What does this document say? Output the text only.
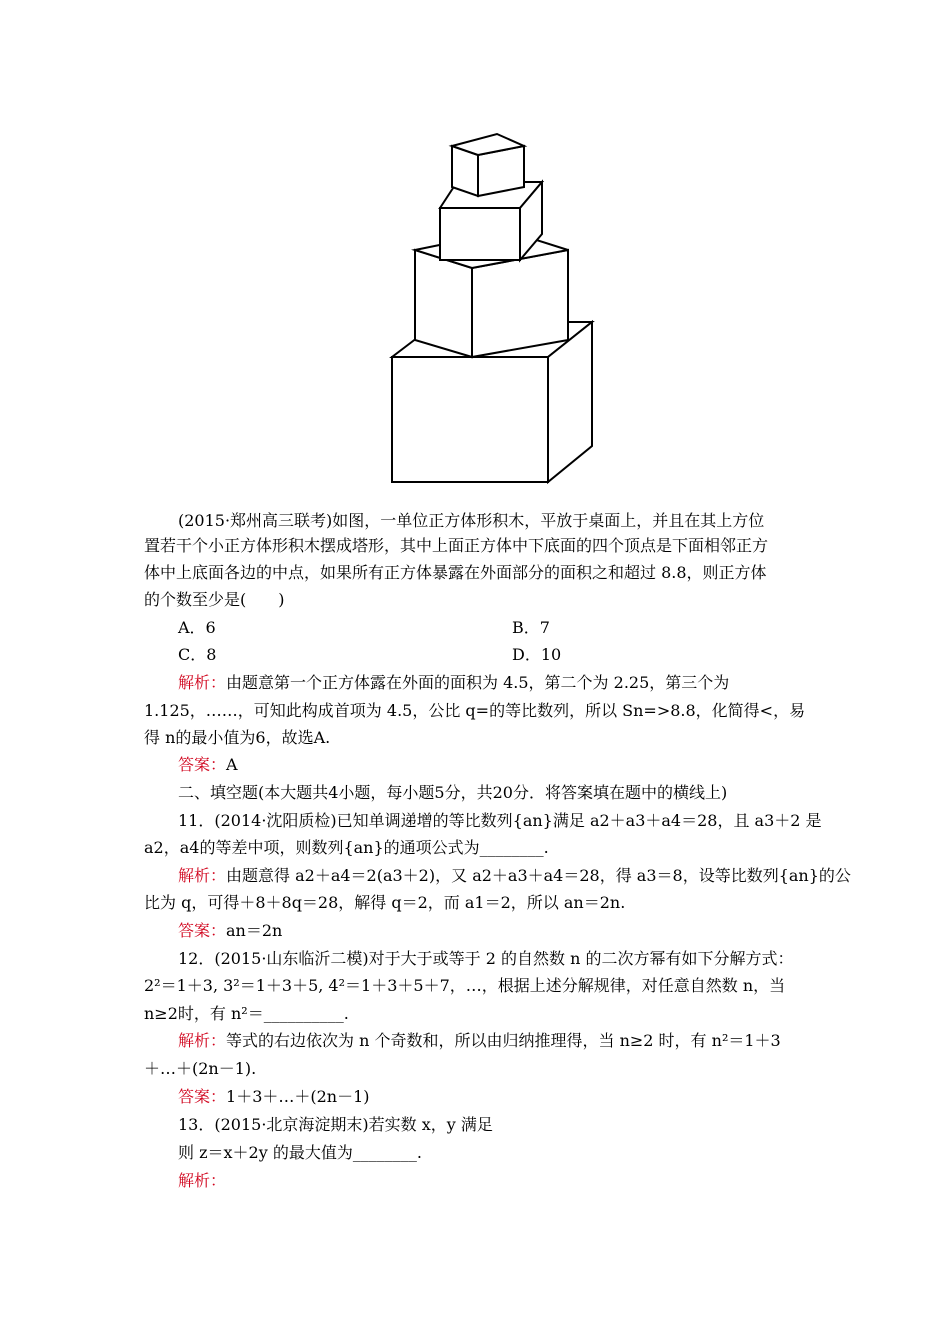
(2015·郑州高三联考)如图，一单位正方体形积木，平放于桌面上，并且在其上方位
置若干个小正方体形积木摆成塔形，其中上面正方体中下底面的四个顶点是下面相邻正方
体中上底面各边的中点，如果所有正方体暴露在外面部分的面积之和超过 8.8，则正方体
的个数至少是(　　)
A．6	B．7
C．8	D．10
解析：由题意第一个正方体露在外面的面积为 4.5，第二个为 2.25，第三个为
1.125，……，可知此构成首项为 4.5，公比 q=的等比数列，所以 Sn=>8.8，化简得<，易
得 n的最小值为6，故选A.
答案：A
二、填空题(本大题共4小题，每小题5分，共20分．将答案填在题中的横线上)
11．(2014·沈阳质检)已知单调递增的等比数列{an}满足 a2＋a3＋a4＝28，且 a3＋2 是
a2，a4的等差中项，则数列{an}的通项公式为________.
解析：由题意得 a2＋a4＝2(a3＋2)，又 a2＋a3＋a4＝28，得 a3＝8，设等比数列{an}的公
比为 q，可得＋8＋8q＝28，解得 q＝2，而 a1＝2，所以 an＝2n.
答案：an＝2n
12．(2015·山东临沂二模)对于大于或等于 2 的自然数 n 的二次方幂有如下分解方式：
2²＝1＋3, 3²＝1＋3＋5, 4²＝1＋3＋5＋7，…，根据上述分解规律，对任意自然数 n，当
n≥2时，有 n²＝__________.
解析：等式的右边依次为 n 个奇数和，所以由归纳推理得，当 n≥2 时，有 n²＝1＋3
＋…＋(2n－1).
答案：1＋3＋…＋(2n－1)
13．(2015·北京海淀期末)若实数 x，y 满足
则 z＝x＋2y 的最大值为________.
解析：
